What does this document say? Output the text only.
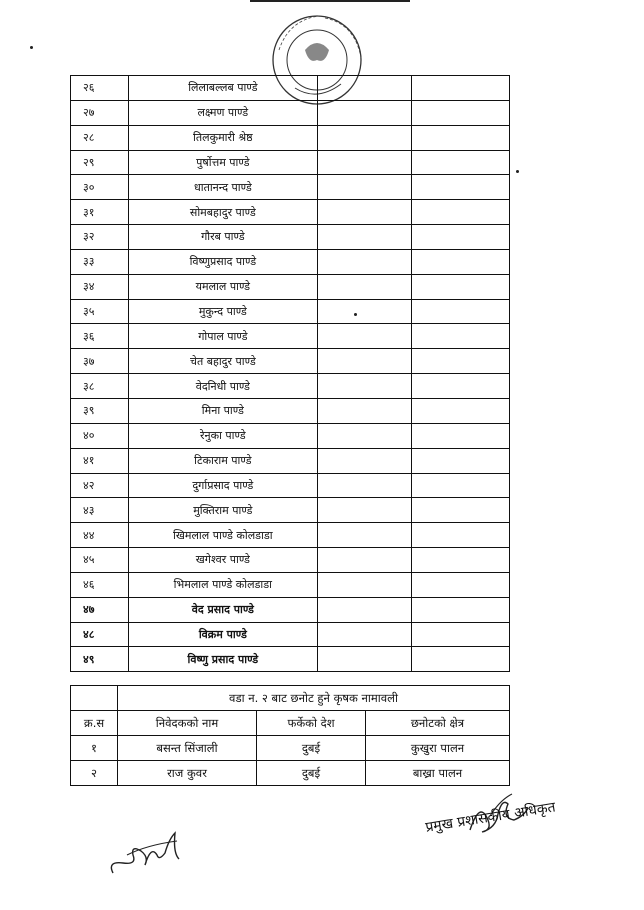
२६	लिलाबल्लब पाण्डे		
२७	लक्ष्मण पाण्डे		
२८	तिलकुमारी श्रेष्ठ		
२९	पुर्षोत्तम पाण्डे		
३०	धातानन्द पाण्डे		
३१	सोमबहादुर पाण्डे		
३२	गौरब पाण्डे		
३३	विष्णुप्रसाद पाण्डे		
३४	यमलाल पाण्डे		
३५	मुकुन्द पाण्डे		
३६	गोपाल पाण्डे		
३७	चेत बहादुर पाण्डे		
३८	वेदनिधी पाण्डे		
३९	मिना पाण्डे		
४०	रेनुका पाण्डे		
४१	टिकाराम पाण्डे		
४२	दुर्गाप्रसाद पाण्डे		
४३	मुक्तिराम पाण्डे		
४४	खिमलाल पाण्डे कोलडाडा		
४५	खगेश्वर पाण्डे		
४६	भिमलाल पाण्डे कोलडाडा		
४७	वेद प्रसाद पाण्डे		
४८	विक्रम पाण्डे		
४९	विष्णु प्रसाद पाण्डे		
	वडा न. २ बाट छनोट हुने कृषक नामावली		
क्र.स	निवेदकको नाम	फर्केको देश	छनोटको क्षेत्र
१	बसन्त सिंजाली	दुबई	कुखुरा पालन
२	राज कुवर	दुबई	बाख्रा पालन
प्रमुख प्रशासकीय अधिकृत
